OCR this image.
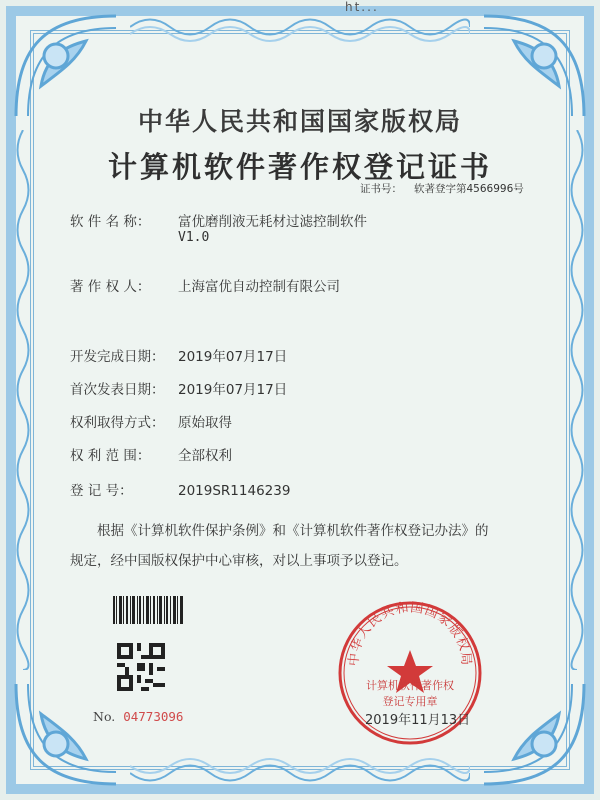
ht...
中华人民共和国国家版权局
计算机软件著作权登记证书
证书号： 软著登字第4566996号
软 件 名 称： 富优磨削液无耗材过滤控制软件
V1.0
著 作 权 人： 上海富优自动控制有限公司
开发完成日期： 2019年07月17日
首次发表日期： 2019年07月17日
权利取得方式： 原始取得
权 利 范 围： 全部权利
登 记 号：	2019SR1146239
根据《计算机软件保护条例》和《计算机软件著作权登记办法》的
规定，经中国版权保护中心审核，对以上事项予以登记。
No. 04773096
中华人民共和国国家版权局
计算机软件著作权
登记专用章
2019年11月13日
